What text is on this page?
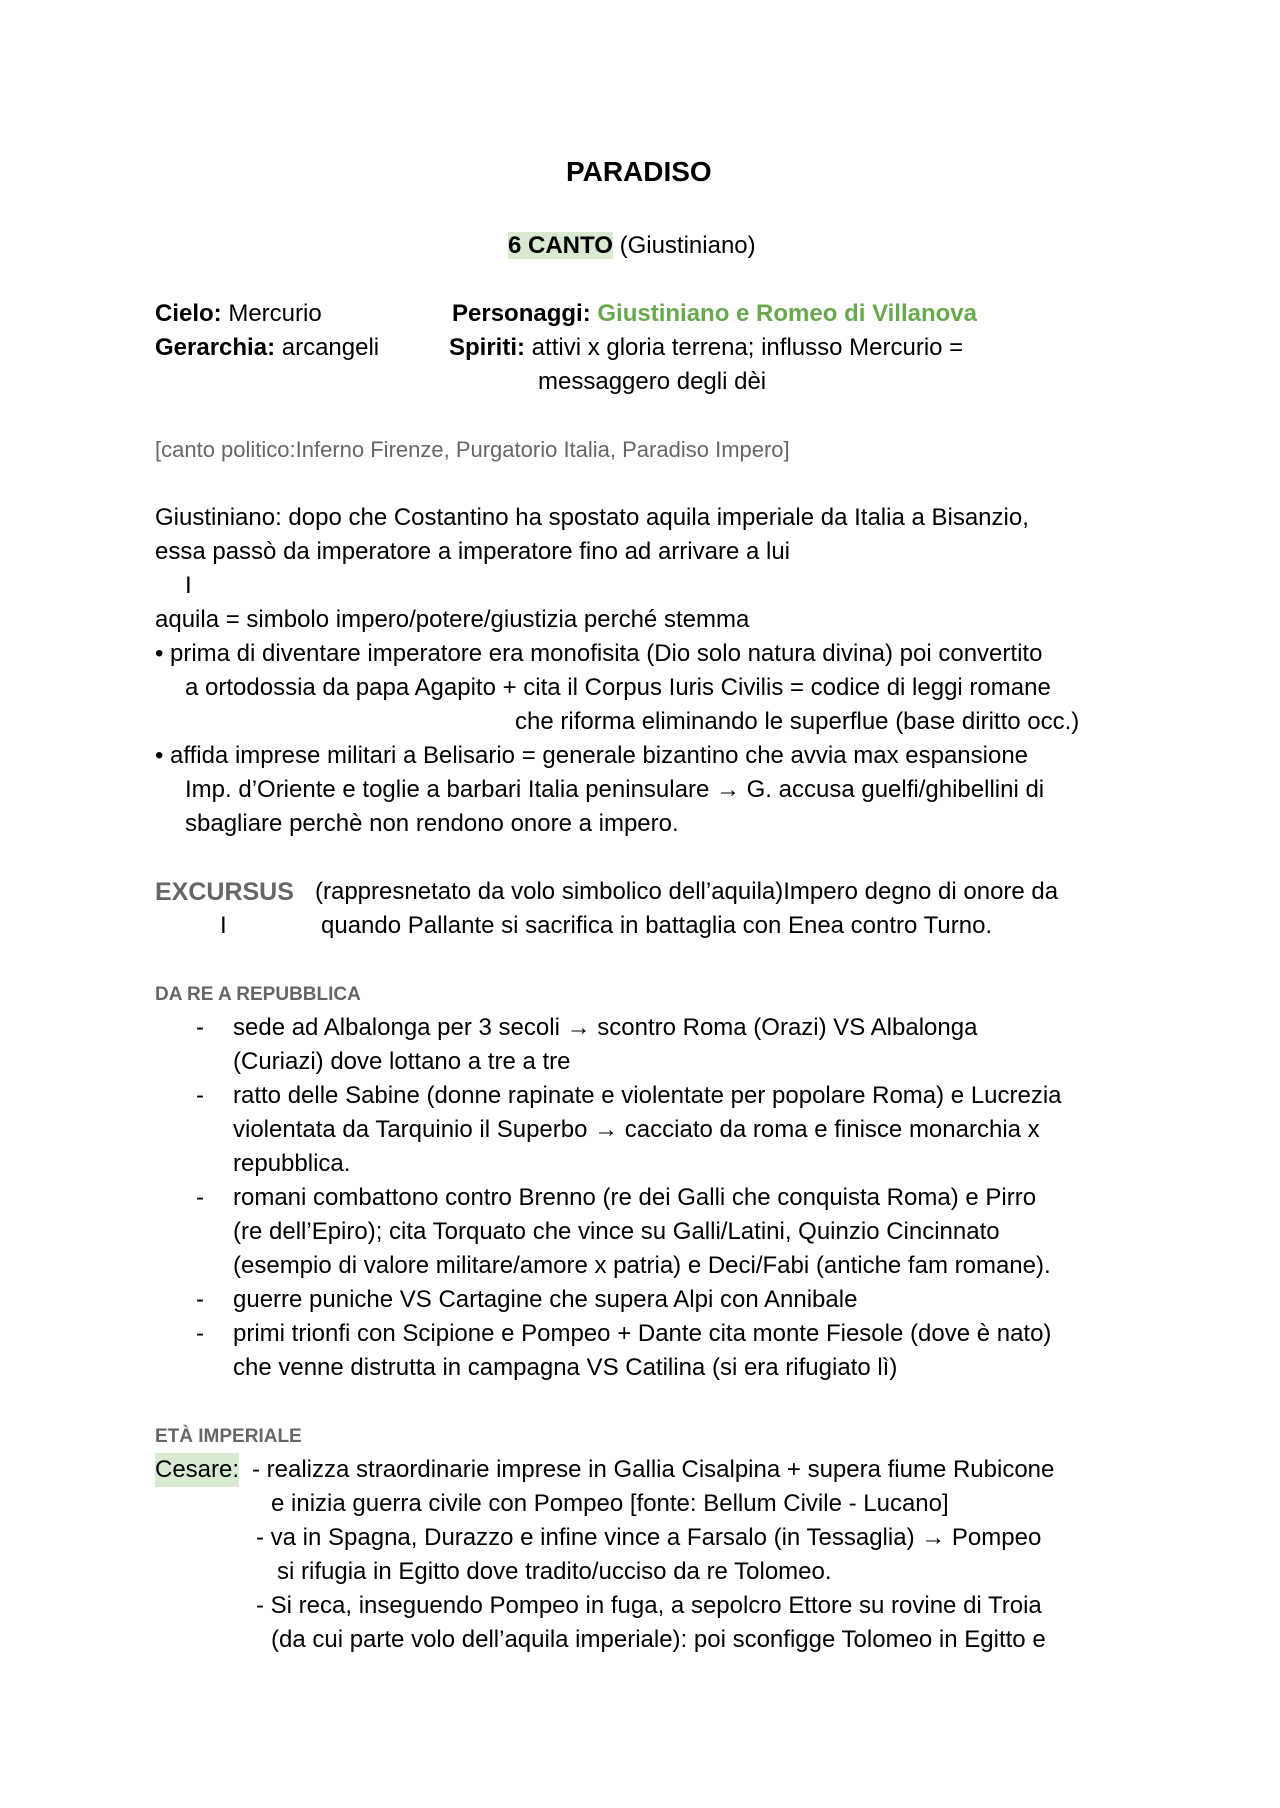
PARADISO
6 CANTO (Giustiniano)
Cielo: Mercurio
Gerarchia: arcangeli
Personaggi: Giustiniano e Romeo di Villanova
Spiriti: attivi x gloria terrena; influsso Mercurio =
messaggero degli dèi
[canto politico:Inferno Firenze, Purgatorio Italia, Paradiso Impero]
Giustiniano: dopo che Costantino ha spostato aquila imperiale da Italia a Bisanzio,
essa passò da imperatore a imperatore fino ad arrivare a lui
I
aquila = simbolo impero/potere/giustizia perché stemma
• prima di diventare imperatore era monofisita (Dio solo natura divina) poi convertito
a ortodossia da papa Agapito + cita il Corpus Iuris Civilis = codice di leggi romane
che riforma eliminando le superflue (base diritto occ.)
• affida imprese militari a Belisario = generale bizantino che avvia max espansione
Imp. d’Oriente e toglie a barbari Italia peninsulare → G. accusa guelfi/ghibellini di
sbagliare perchè non rendono onore a impero.
EXCURSUS (rappresnetato da volo simbolico dell’aquila)Impero degno di onore da
I	quando Pallante si sacrifica in battaglia con Enea contro Turno.
DA RE A REPUBBLICA
-	sede ad Albalonga per 3 secoli → scontro Roma (Orazi) VS Albalonga
(Curiazi) dove lottano a tre a tre
-	ratto delle Sabine (donne rapinate e violentate per popolare Roma) e Lucrezia
violentata da Tarquinio il Superbo → cacciato da roma e finisce monarchia x
repubblica.
-	romani combattono contro Brenno (re dei Galli che conquista Roma) e Pirro
(re dell’Epiro); cita Torquato che vince su Galli/Latini, Quinzio Cincinnato
(esempio di valore militare/amore x patria) e Deci/Fabi (antiche fam romane).
-	guerre puniche VS Cartagine che supera Alpi con Annibale
-	primi trionfi con Scipione e Pompeo + Dante cita monte Fiesole (dove è nato)
che venne distrutta in campagna VS Catilina (si era rifugiato lì)
ETÀ IMPERIALE
Cesare: - realizza straordinarie imprese in Gallia Cisalpina + supera fiume Rubicone
e inizia guerra civile con Pompeo [fonte: Bellum Civile - Lucano]
- va in Spagna, Durazzo e infine vince a Farsalo (in Tessaglia) → Pompeo
si rifugia in Egitto dove tradito/ucciso da re Tolomeo.
- Si reca, inseguendo Pompeo in fuga, a sepolcro Ettore su rovine di Troia
(da cui parte volo dell’aquila imperiale): poi sconfigge Tolomeo in Egitto e
